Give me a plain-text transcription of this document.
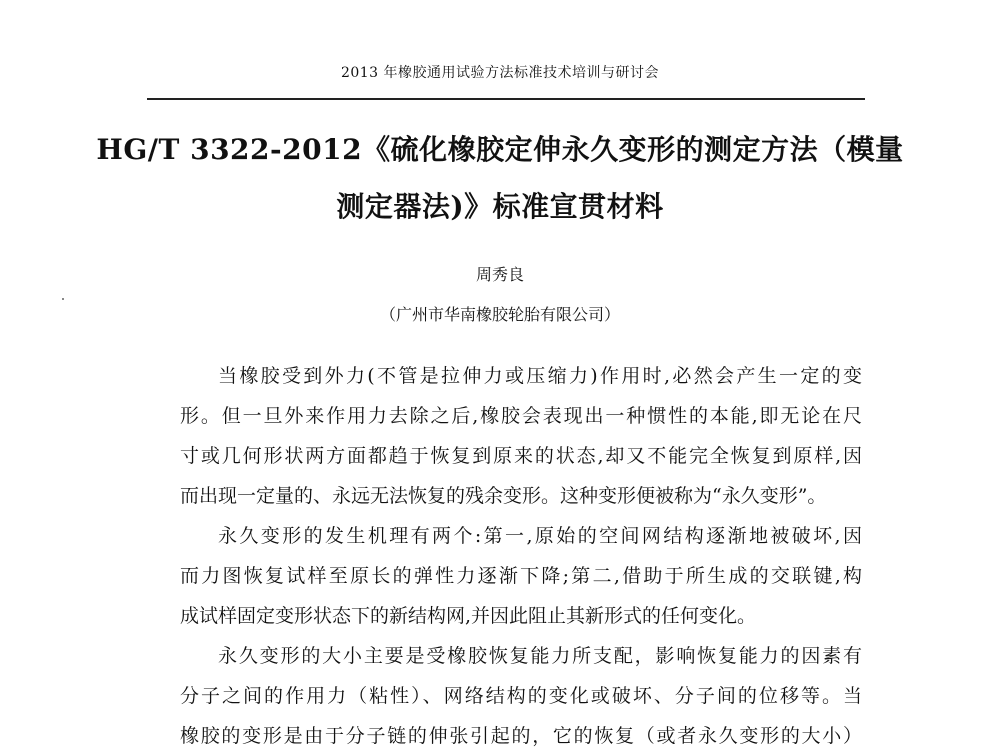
2013 年橡胶通用试验方法标准技术培训与研讨会
HG/T 3322-2012《硫化橡胶定伸永久变形的测定方法（模量
测定器法)》标准宣贯材料
周秀良
（广州市华南橡胶轮胎有限公司）
当橡胶受到外力(不管是拉伸力或压缩力)作用时,必然会产生一定的变
形。但一旦外来作用力去除之后,橡胶会表现出一种惯性的本能,即无论在尺
寸或几何形状两方面都趋于恢复到原来的状态,却又不能完全恢复到原样,因
而出现一定量的、永远无法恢复的残余变形。这种变形便被称为“永久变形”。
永久变形的发生机理有两个:第一,原始的空间网结构逐渐地被破坏,因
而力图恢复试样至原长的弹性力逐渐下降;第二,借助于所生成的交联键,构
成试样固定变形状态下的新结构网,并因此阻止其新形式的任何变化。
永久变形的大小主要是受橡胶恢复能力所支配，影响恢复能力的因素有
分子之间的作用力（粘性）、网络结构的变化或破坏、分子间的位移等。当
橡胶的变形是由于分子链的伸张引起的，它的恢复（或者永久变形的大小）
